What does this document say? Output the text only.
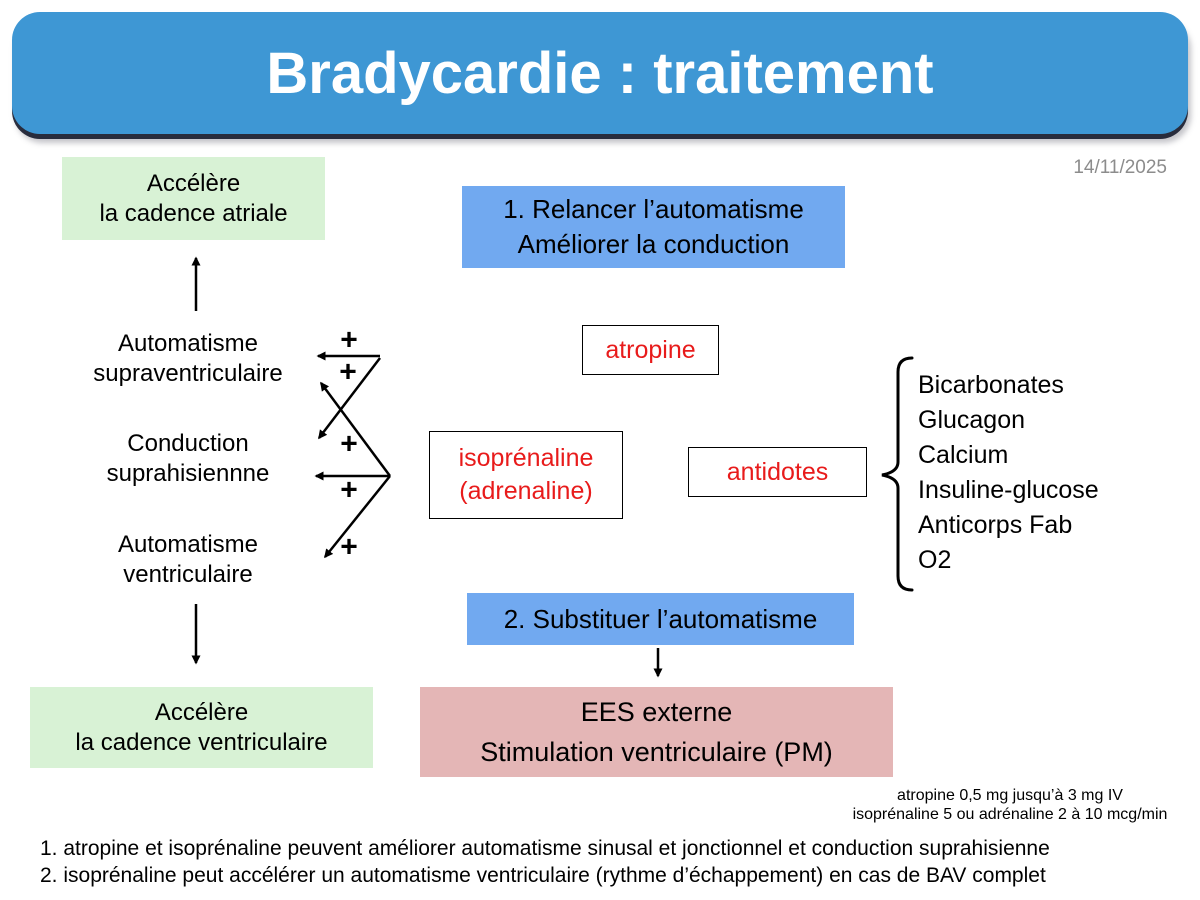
Bradycardie : traitement
14/11/2025
Accélère
la cadence atriale	1. Relancer l’automatisme
Améliorer la conduction
Automatisme
supraventriculaire
Conduction
suprahisiennne
Automatisme
ventriculaire
+
+
+
+
+
atropine
isoprénaline
(adrenaline)
antidotes
Bicarbonates
Glucagon
Calcium
Insuline-glucose
Anticorps Fab
O2
2. Substituer l’automatisme
EES externe
Stimulation ventriculaire (PM)
Accélère
la cadence ventriculaire
atropine 0,5 mg jusqu’à 3 mg IV
isoprénaline 5 ou adrénaline 2 à 10 mcg/min
1. atropine et isoprénaline peuvent améliorer automatisme sinusal et jonctionnel et conduction suprahisienne
2. isoprénaline peut accélérer un automatisme ventriculaire (rythme d’échappement) en cas de BAV complet
